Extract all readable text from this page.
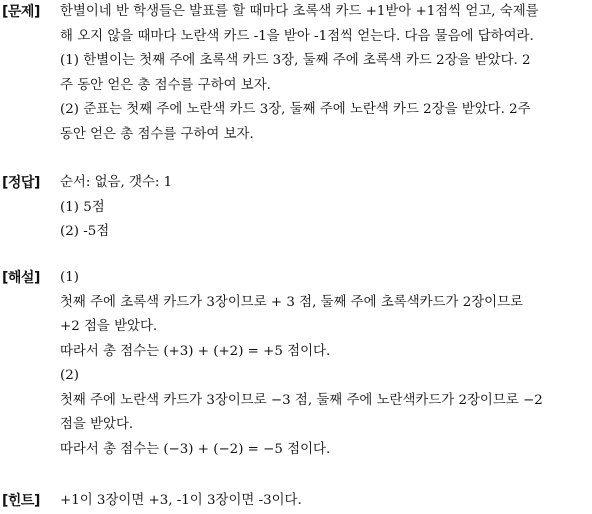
[문제] 한별이네 반 학생들은 발표를 할 때마다 초록색 카드 +1받아 +1점씩 얻고, 숙제를
해 오지 않을 때마다 노란색 카드 -1을 받아 -1점씩 얻는다. 다음 물음에 답하여라.
(1) 한별이는 첫째 주에 초록색 카드 3장, 둘째 주에 초록색 카드 2장을 받았다. 2
주 동안 얻은 총 점수를 구하여 보자.
(2) 준표는 첫째 주에 노란색 카드 3장, 둘째 주에 노란색 카드 2장을 받았다. 2주
동안 얻은 총 점수를 구하여 보자.
[정답] 순서: 없음, 갯수: 1
(1) 5점
(2) -5점
[해설] (1)
첫째 주에 초록색 카드가 3장이므로 + 3 점, 둘째 주에 초록색카드가 2장이므로
+2 점을 받았다.
따라서 총 점수는 (+3) + (+2) = +5 점이다.
(2)
첫째 주에 노란색 카드가 3장이므로 −3 점, 둘째 주에 노란색카드가 2장이므로 −2
점을 받았다.
따라서 총 점수는 (−3) + (−2) = −5 점이다.
[힌트] +1이 3장이면 +3, -1이 3장이면 -3이다.
